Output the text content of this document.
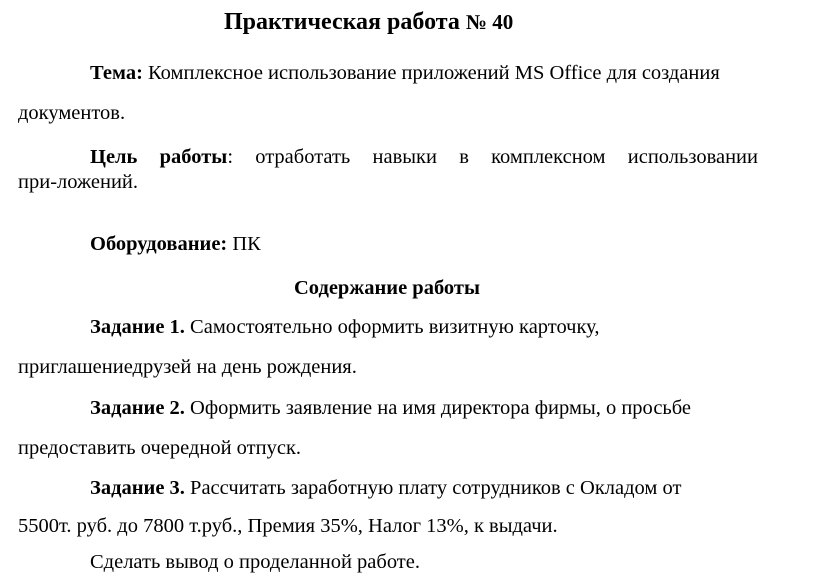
Практическая работа № 40
Тема: Комплексное использование приложений MS Office для создания
документов.
Цель работы: отработать навыки в комплексном использовании
при-ложений.
Оборудование: ПК
Содержание работы
Задание 1. Самостоятельно оформить визитную карточку,
приглашениедрузей на день рождения.
Задание 2. Оформить заявление на имя директора фирмы, о просьбе
предоставить очередной отпуск.
Задание 3. Рассчитать заработную плату сотрудников с Окладом от
5500т. руб. до 7800 т.руб., Премия 35%, Налог 13%, к выдачи.
Сделать вывод о проделанной работе.
